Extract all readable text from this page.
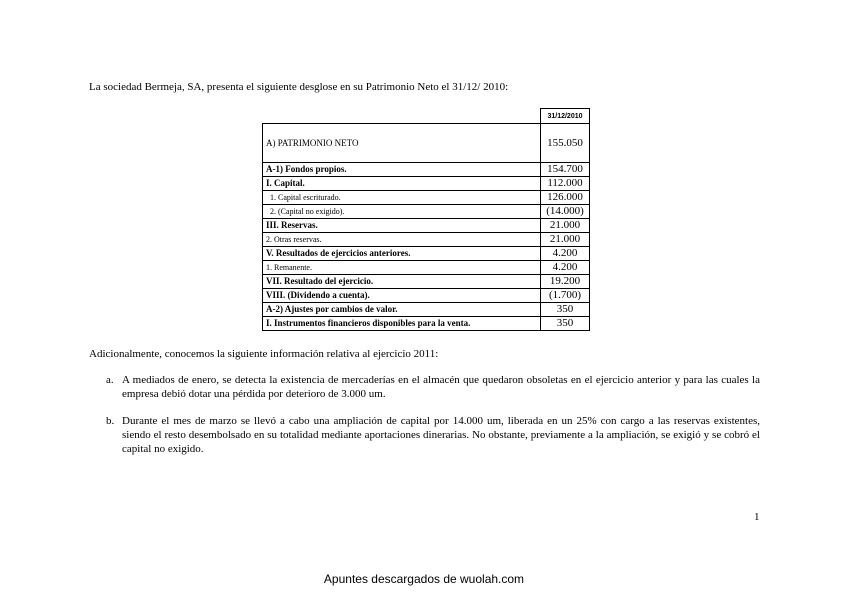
La sociedad Bermeja, SA, presenta el siguiente desglose en su Patrimonio Neto el 31/12/ 2010:
	31/12/2010
A) PATRIMONIO NETO	155.050
A-1) Fondos propios.	154.700
I. Capital.	112.000
1. Capital escriturado.	126.000
2. (Capital no exigido).	(14.000)
III. Reservas.	21.000
2. Otras reservas.	21.000
V. Resultados de ejercicios anteriores.	4.200
1. Remanente.	4.200
VII. Resultado del ejercicio.	19.200
VIII. (Dividendo a cuenta).	(1.700)
A-2) Ajustes por cambios de valor.	350
I. Instrumentos financieros disponibles para la venta.	350
Adicionalmente, conocemos la siguiente información relativa al ejercicio 2011:
a. A mediados de enero, se detecta la existencia de mercaderías en el almacén que quedaron obsoletas en el ejercicio anterior y para las cuales la empresa debió dotar una pérdida por deterioro de 3.000 um.
b. Durante el mes de marzo se llevó a cabo una ampliación de capital por 14.000 um, liberada en un 25% con cargo a las reservas existentes, siendo el resto desembolsado en su totalidad mediante aportaciones dinerarias. No obstante, previamente a la ampliación, se exigió y se cobró el capital no exigido.
1
Apuntes descargados de wuolah.com
